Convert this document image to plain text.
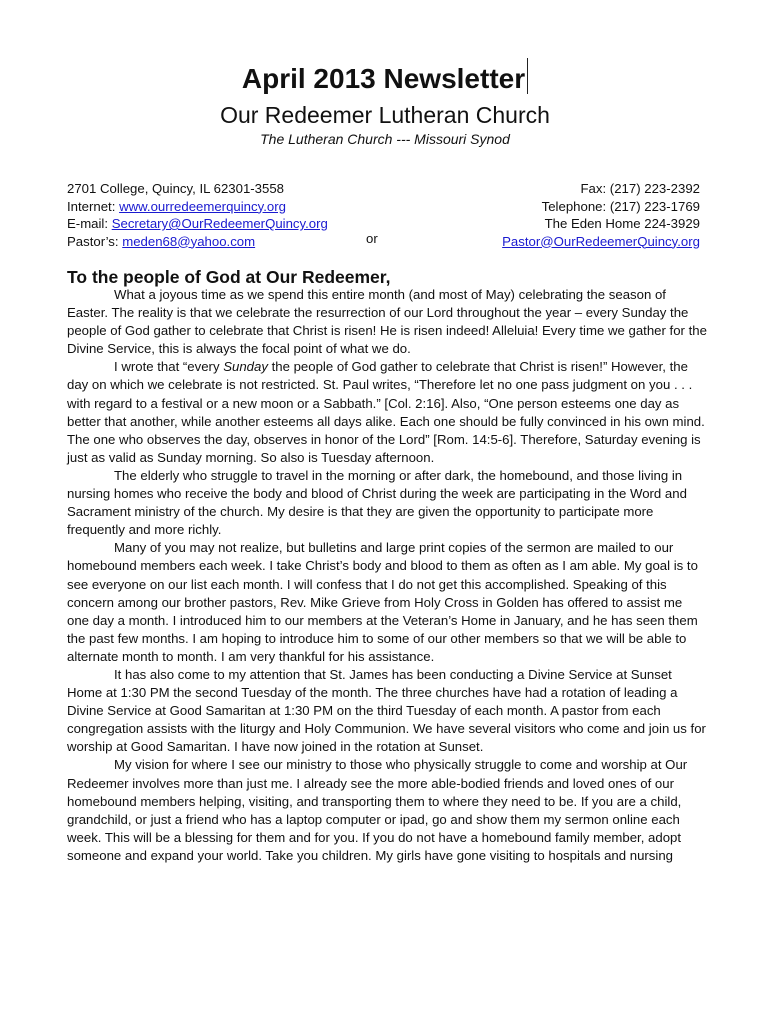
April 2013 Newsletter
Our Redeemer Lutheran Church
The Lutheran Church --- Missouri Synod
2701 College, Quincy, IL 62301-3558
Internet: www.ourredeemerquincy.org
E-mail: Secretary@OurRedeemerQuincy.org
Pastor’s: meden68@yahoo.com	or
Fax: (217) 223-2392
Telephone: (217) 223-1769
The Eden Home 224-3929
Pastor@OurRedeemerQuincy.org
To the people of God at Our Redeemer,

What a joyous time as we spend this entire month (and most of May) celebrating the season of Easter. The reality is that we celebrate the resurrection of our Lord throughout the year – every Sunday the people of God gather to celebrate that Christ is risen! He is risen indeed! Alleluia! Every time we gather for the Divine Service, this is always the focal point of what we do.

I wrote that “every Sunday the people of God gather to celebrate that Christ is risen!” However, the day on which we celebrate is not restricted. St. Paul writes, “Therefore let no one pass judgment on you . . . with regard to a festival or a new moon or a Sabbath.” [Col. 2:16]. Also, “One person esteems one day as better that another, while another esteems all days alike. Each one should be fully convinced in his own mind. The one who observes the day, observes in honor of the Lord” [Rom. 14:5-6]. Therefore, Saturday evening is just as valid as Sunday morning. So also is Tuesday afternoon.

The elderly who struggle to travel in the morning or after dark, the homebound, and those living in nursing homes who receive the body and blood of Christ during the week are participating in the Word and Sacrament ministry of the church. My desire is that they are given the opportunity to participate more frequently and more richly.

Many of you may not realize, but bulletins and large print copies of the sermon are mailed to our homebound members each week. I take Christ’s body and blood to them as often as I am able. My goal is to see everyone on our list each month. I will confess that I do not get this accomplished. Speaking of this concern among our brother pastors, Rev. Mike Grieve from Holy Cross in Golden has offered to assist me one day a month. I introduced him to our members at the Veteran’s Home in January, and he has seen them the past few months. I am hoping to introduce him to some of our other members so that we will be able to alternate month to month. I am very thankful for his assistance.

It has also come to my attention that St. James has been conducting a Divine Service at Sunset Home at 1:30 PM the second Tuesday of the month. The three churches have had a rotation of leading a Divine Service at Good Samaritan at 1:30 PM on the third Tuesday of each month. A pastor from each congregation assists with the liturgy and Holy Communion. We have several visitors who come and join us for worship at Good Samaritan. I have now joined in the rotation at Sunset.

My vision for where I see our ministry to those who physically struggle to come and worship at Our Redeemer involves more than just me. I already see the more able-bodied friends and loved ones of our homebound members helping, visiting, and transporting them to where they need to be. If you are a child, grandchild, or just a friend who has a laptop computer or ipad, go and show them my sermon online each week. This will be a blessing for them and for you. If you do not have a homebound family member, adopt someone and expand your world. Take you children. My girls have gone visiting to hospitals and nursing
